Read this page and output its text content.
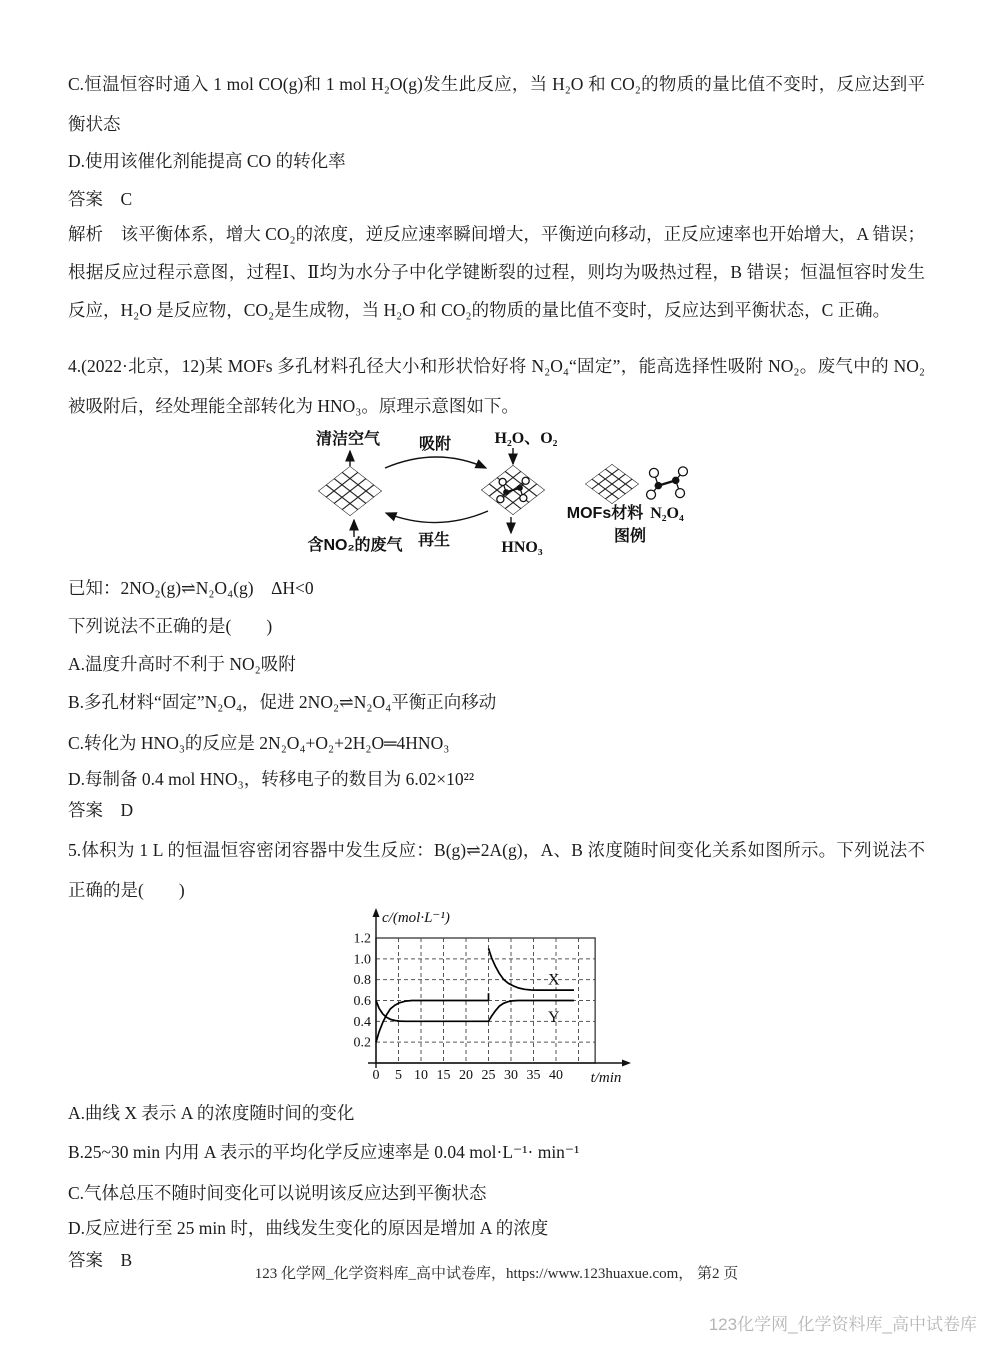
C.恒温恒容时通入 1 mol CO(g)和 1 mol H₂O(g)发生此反应，当 H₂O 和 CO₂的物质的量比值不变时，反应达到平衡状态

D.使用该催化剂能提高 CO 的转化率

答案　C

解析　该平衡体系，增大 CO₂的浓度，逆反应速率瞬间增大，平衡逆向移动，正反应速率也开始增大，A 错误；根据反应过程示意图，过程Ⅰ、Ⅱ均为水分子中化学键断裂的过程，则均为吸热过程，B 错误；恒温恒容时发生反应，H₂O 是反应物，CO₂是生成物，当 H₂O 和 CO₂的物质的量比值不变时，反应达到平衡状态，C 正确。

4.(2022·北京，12)某 MOFs 多孔材料孔径大小和形状恰好将 N₂O₄“固定”，能高选择性吸附 NO₂。废气中的 NO₂被吸附后，经处理能全部转化为 HNO₃。原理示意图如下。

清洁空气 吸附	H₂O、O₂
含NO₂的废气 再生	HNO₃
MOFs材料 N₂O₄
图例

已知：2NO₂(g)⇌N₂O₄(g)　ΔH<0

下列说法不正确的是(　　)

A.温度升高时不利于 NO₂吸附

B.多孔材料“固定”N₂O₄，促进 2NO₂⇌N₂O₄平衡正向移动

C.转化为 HNO₃的反应是 2N₂O₄+O₂+2H₂O═4HNO₃

D.每制备 0.4 mol HNO₃，转移电子的数目为 6.02×10²²

答案　D

5.体积为 1 L 的恒温恒容密闭容器中发生反应：B(g)⇌2A(g)，A、B 浓度随时间变化关系如图所示。下列说法不正确的是(　　)

c/(mol·L⁻¹)
t/min
0 5 10 15 20 25 30 35 40
0.2
0.4
0.6
0.8
1.0
1.2
X
Y

A.曲线 X 表示 A 的浓度随时间的变化

B.25~30 min 内用 A 表示的平均化学反应速率是 0.04 mol·L⁻¹· min⁻¹

C.气体总压不随时间变化可以说明该反应达到平衡状态

D.反应进行至 25 min 时，曲线发生变化的原因是增加 A 的浓度

答案　B

123 化学网_化学资料库_高中试卷库，https://www.123huaxue.com， 第2 页
123化学网_化学资料库_高中试卷库
